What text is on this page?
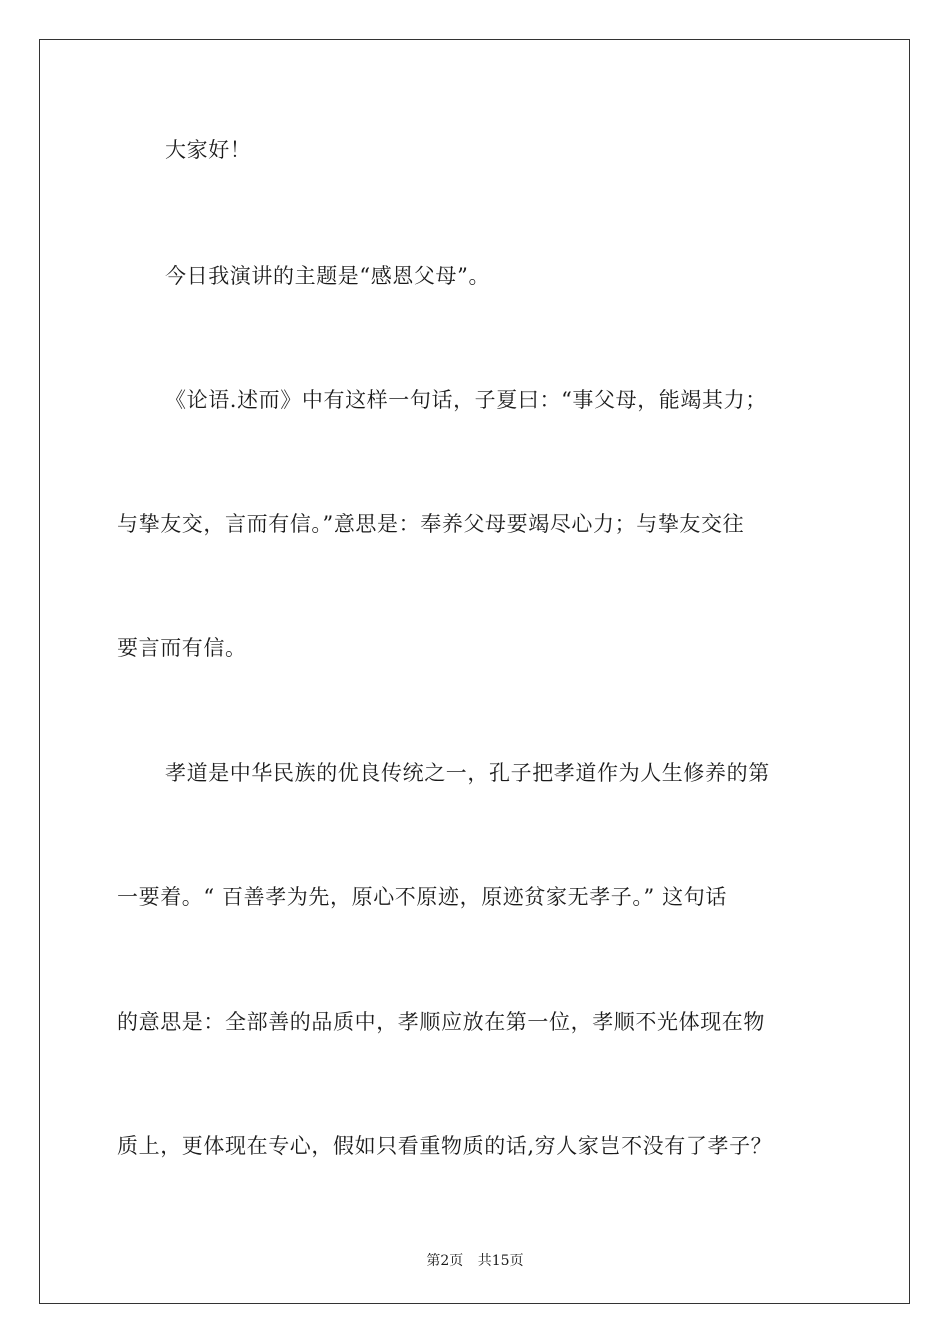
大家好！
今日我演讲的主题是“感恩父母”。
《论语.述而》中有这样一句话，子夏曰：“事父母，能竭其力；
与挚友交，言而有信。”意思是：奉养父母要竭尽心力；与挚友交往
要言而有信。
孝道是中华民族的优良传统之一，孔子把孝道作为人生修养的第
一要着。“ 百善孝为先，原心不原迹，原迹贫家无孝子。” 这句话
的意思是：全部善的品质中，孝顺应放在第一位，孝顺不光体现在物
质上，更体现在专心，假如只看重物质的话,穷人家岂不没有了孝子？
第2页 共15页
